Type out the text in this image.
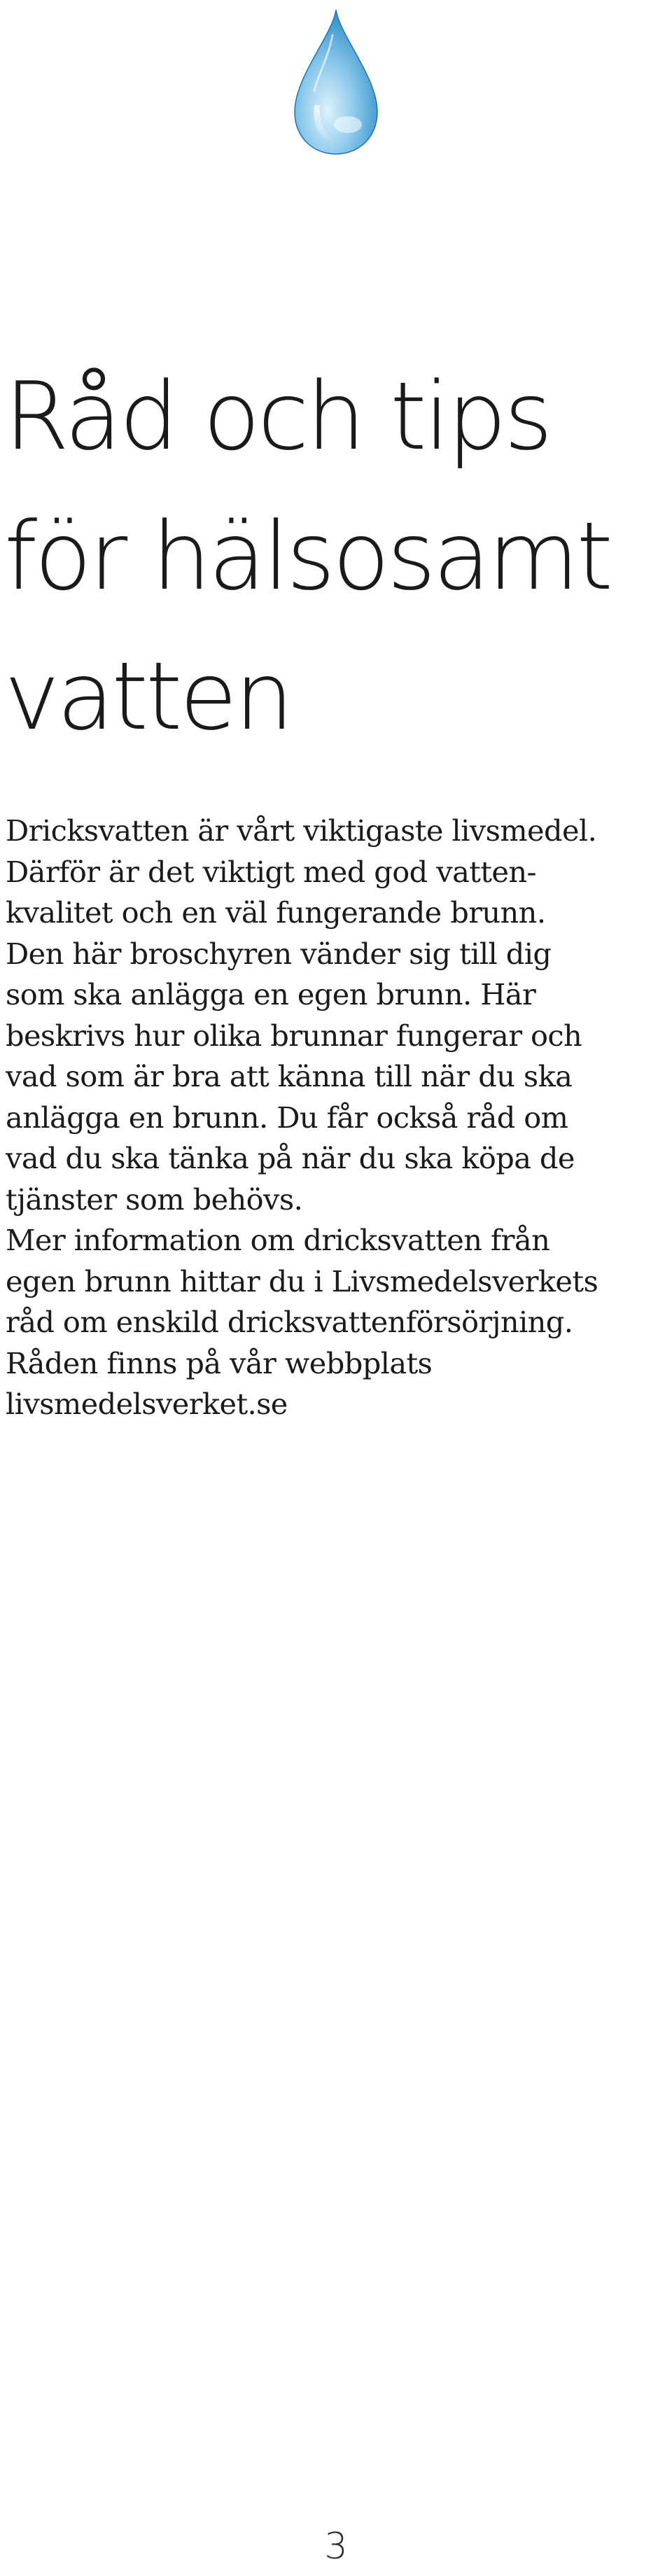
Råd och tips
för hälsosamt
vatten

Dricksvatten är vårt viktigaste livsmedel.
Därför är det viktigt med god vatten-
kvalitet och en väl fungerande brunn.
Den här broschyren vänder sig till dig
som ska anlägga en egen brunn. Här
beskrivs hur olika brunnar fungerar och
vad som är bra att känna till när du ska
anlägga en brunn. Du får också råd om
vad du ska tänka på när du ska köpa de
tjänster som behövs.
Mer information om dricksvatten från
egen brunn hittar du i Livsmedelsverkets
råd om enskild dricksvattenförsörjning.
Råden finns på vår webbplats
livsmedelsverket.se

3
